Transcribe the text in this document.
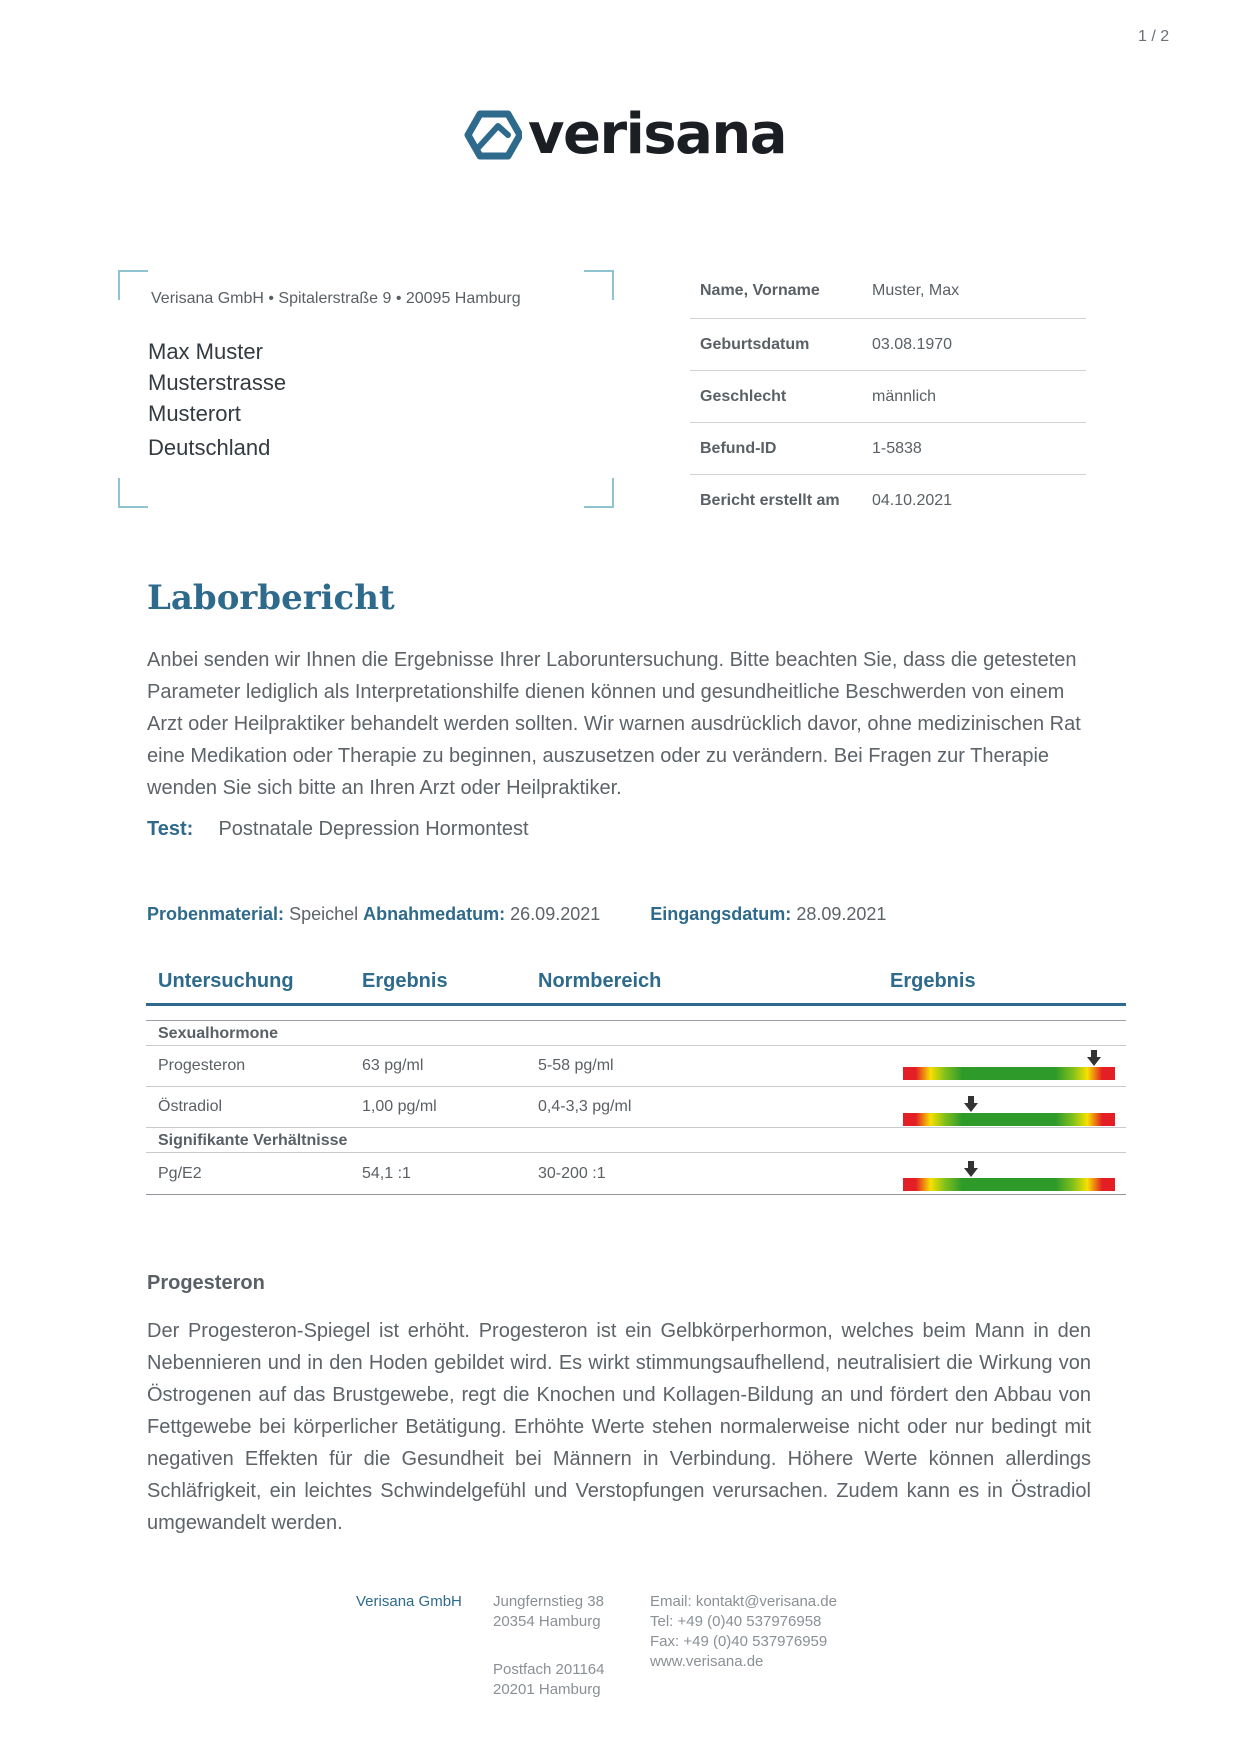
1 / 2
verisana
Verisana GmbH • Spitalerstraße 9 • 20095 Hamburg
Max Muster
Musterstrasse
Musterort
Deutschland
Name, Vorname	Muster, Max
Geburtsdatum	03.08.1970
Geschlecht	männlich
Befund-ID	1-5838
Bericht erstellt am	04.10.2021
Laborbericht
Anbei senden wir Ihnen die Ergebnisse Ihrer Laboruntersuchung. Bitte beachten Sie, dass die getesteten Parameter lediglich als Interpretationshilfe dienen können und gesundheitliche Beschwerden von einem Arzt oder Heilpraktiker behandelt werden sollten. Wir warnen ausdrücklich davor, ohne medizinischen Rat eine Medikation oder Therapie zu beginnen, auszusetzen oder zu verändern. Bei Fragen zur Therapie wenden Sie sich bitte an Ihren Arzt oder Heilpraktiker.
Test: Postnatale Depression Hormontest
Probenmaterial: Speichel Abnahmedatum: 26.09.2021	Eingangsdatum: 28.09.2021
Untersuchung	Ergebnis	Normbereich	Ergebnis
Sexualhormone
Progesteron	63 pg/ml	5-58 pg/ml
Östradiol	1,00 pg/ml	0,4-3,3 pg/ml
Signifikante Verhältnisse
Pg/E2	54,1 :1	30-200 :1
Progesteron
Der Progesteron-Spiegel ist erhöht. Progesteron ist ein Gelbkörperhormon, welches beim Mann in den Nebennieren und in den Hoden gebildet wird. Es wirkt stimmungsaufhellend, neutralisiert die Wirkung von Östrogenen auf das Brustgewebe, regt die Knochen und Kollagen-Bildung an und fördert den Abbau von Fettgewebe bei körperlicher Betätigung. Erhöhte Werte stehen normalerweise nicht oder nur bedingt mit negativen Effekten für die Gesundheit bei Männern in Verbindung. Höhere Werte können allerdings Schläfrigkeit, ein leichtes Schwindelgefühl und Verstopfungen verursachen. Zudem kann es in Östradiol umgewandelt werden.
Verisana GmbH Jungfernstieg 38
20354 Hamburg
Postfach 201164
20201 Hamburg
Email: kontakt@verisana.de
Tel: +49 (0)40 537976958
Fax: +49 (0)40 537976959
www.verisana.de
